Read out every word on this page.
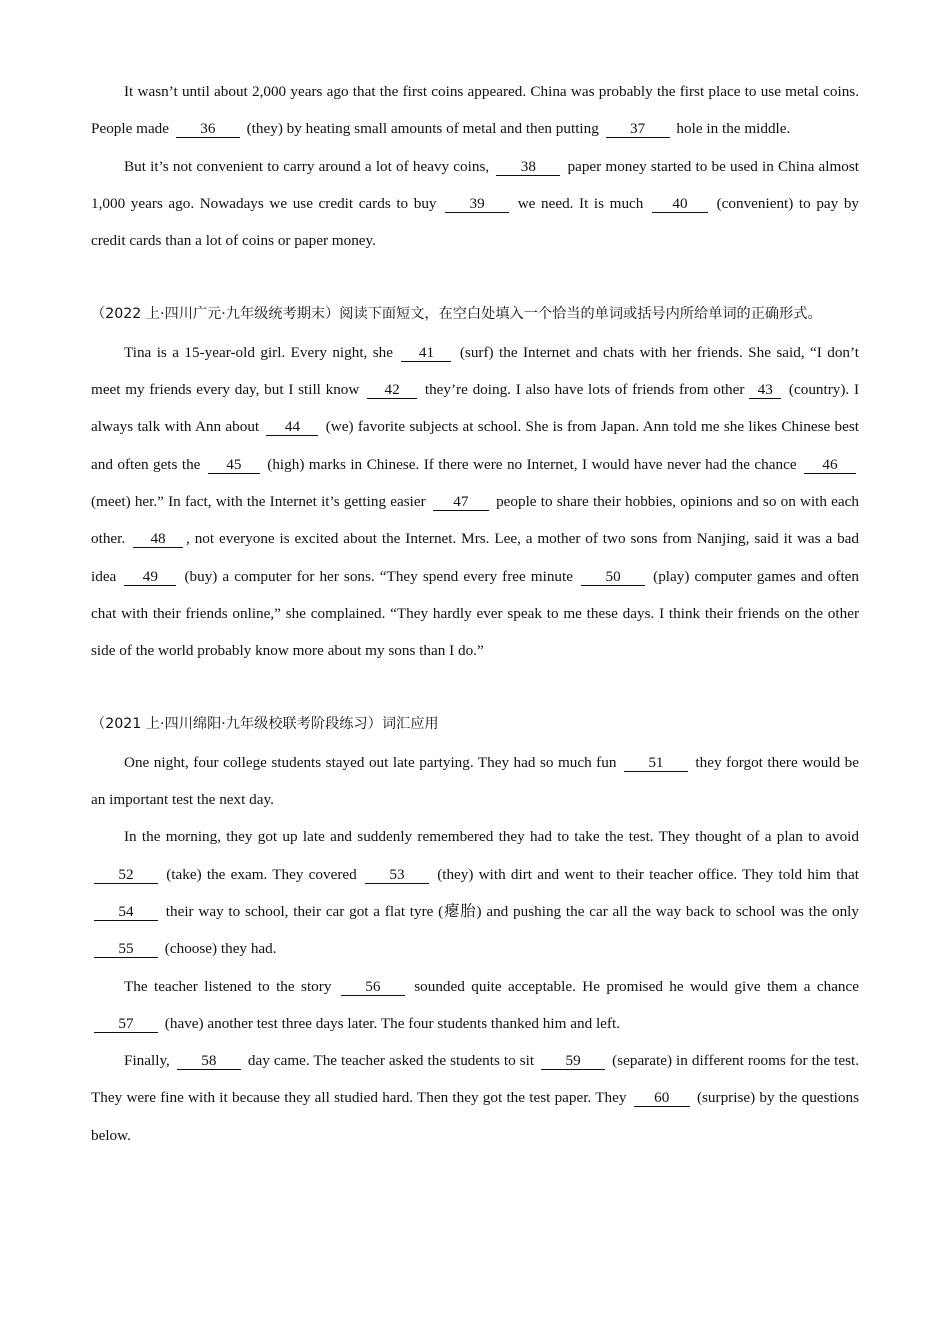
It wasn’t until about 2,000 years ago that the first coins appeared. China was probably the first place to use metal coins. People made 36 (they) by heating small amounts of metal and then putting 37 hole in the middle.

But it’s not convenient to carry around a lot of heavy coins, 38 paper money started to be used in China almost 1,000 years ago. Nowadays we use credit cards to buy 39 we need. It is much 40 (convenient) to pay by credit cards than a lot of coins or paper money.

（2022 上·四川广元·九年级统考期末）阅读下面短文，在空白处填入一个恰当的单词或括号内所给单词的正确形式。

Tina is a 15-year-old girl. Every night, she 41 (surf) the Internet and chats with her friends. She said, “I don’t meet my friends every day, but I still know 42 they’re doing. I also have lots of friends from other 43 (country). I always talk with Ann about 44 (we) favorite subjects at school. She is from Japan. Ann told me she likes Chinese best and often gets the 45 (high) marks in Chinese. If there were no Internet, I would have never had the chance 46 (meet) her.” In fact, with the Internet it’s getting easier 47 people to share their hobbies, opinions and so on with each other. 48 , not everyone is excited about the Internet. Mrs. Lee, a mother of two sons from Nanjing, said it was a bad idea 49 (buy) a computer for her sons. “They spend every free minute 50 (play) computer games and often chat with their friends online,” she complained. “They hardly ever speak to me these days. I think their friends on the other side of the world probably know more about my sons than I do.”

（2021 上·四川绵阳·九年级校联考阶段练习）词汇应用

One night, four college students stayed out late partying. They had so much fun 51 they forgot there would be an important test the next day.

In the morning, they got up late and suddenly remembered they had to take the test. They thought of a plan to avoid 52 (take) the exam. They covered 53 (they) with dirt and went to their teacher office. They told him that 54 their way to school, their car got a flat tyre (瘪胎) and pushing the car all the way back to school was the only 55 (choose) they had.

The teacher listened to the story 56 sounded quite acceptable. He promised he would give them a chance 57 (have) another test three days later. The four students thanked him and left.

Finally, 58 day came. The teacher asked the students to sit 59 (separate) in different rooms for the test. They were fine with it because they all studied hard. Then they got the test paper. They 60 (surprise) by the questions below.
